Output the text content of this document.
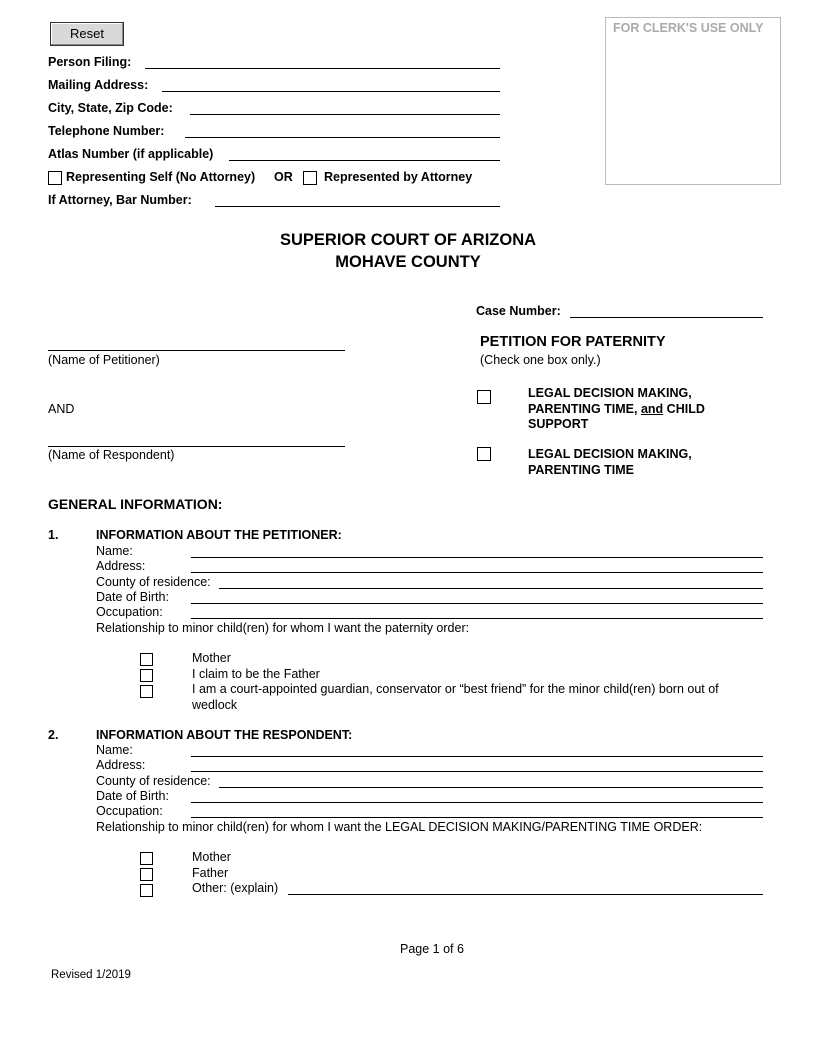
Reset	FOR CLERK'S USE ONLY
Person Filing:
Mailing Address:
City, State, Zip Code:
Telephone Number:
Atlas Number (if applicable)
Representing Self (No Attorney) OR	Represented by Attorney
If Attorney, Bar Number:
SUPERIOR COURT OF ARIZONA
MOHAVE COUNTY
Case Number:
(Name of Petitioner)
AND
(Name of Respondent)
PETITION FOR PATERNITY
(Check one box only.)
LEGAL DECISION MAKING,
PARENTING TIME, and CHILD
SUPPORT
LEGAL DECISION MAKING,
PARENTING TIME
GENERAL INFORMATION:
1.	INFORMATION ABOUT THE PETITIONER:
Name:
Address:
County of residence:
Date of Birth:
Occupation:
Relationship to minor child(ren) for whom I want the paternity order:
Mother
I claim to be the Father
I am a court-appointed guardian, conservator or “best friend” for the minor child(ren) born out of
wedlock
2.	INFORMATION ABOUT THE RESPONDENT:
Name:
Address:
County of residence:
Date of Birth:
Occupation:
Relationship to minor child(ren) for whom I want the LEGAL DECISION MAKING/PARENTING TIME ORDER:
Mother
Father
Other: (explain)
Page 1 of 6
Revised 1/2019
